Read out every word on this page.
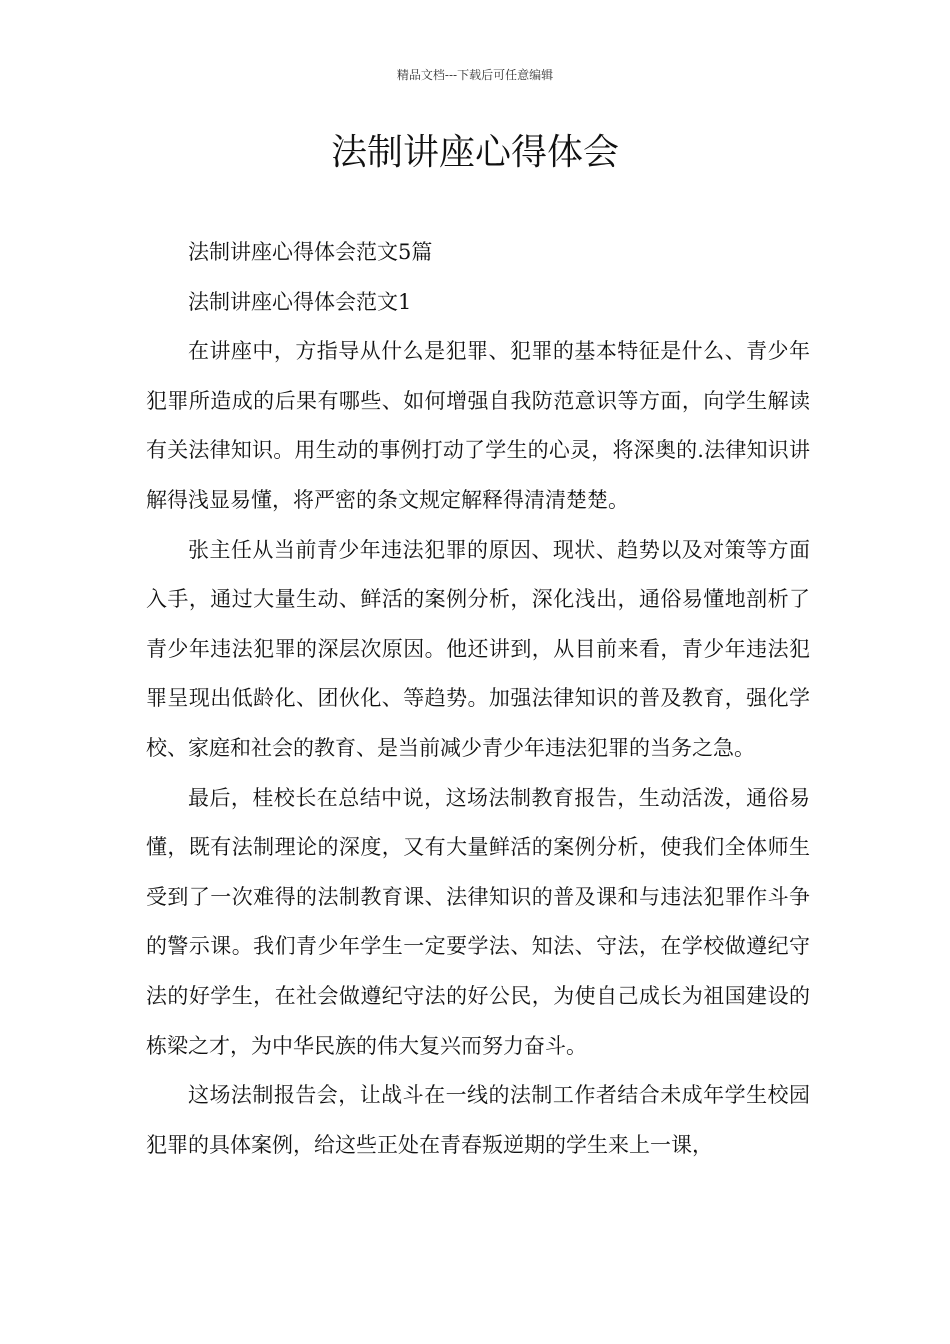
精品文档---下载后可任意编辑
法制讲座心得体会

法制讲座心得体会范文5篇

法制讲座心得体会范文1

在讲座中，方指导从什么是犯罪、犯罪的基本特征是什么、青少年犯罪所造成的后果有哪些、如何增强自我防范意识等方面，向学生解读有关法律知识。用生动的事例打动了学生的心灵，将深奥的.法律知识讲解得浅显易懂，将严密的条文规定解释得清清楚楚。

张主任从当前青少年违法犯罪的原因、现状、趋势以及对策等方面入手，通过大量生动、鲜活的案例分析，深化浅出，通俗易懂地剖析了青少年违法犯罪的深层次原因。他还讲到，从目前来看，青少年违法犯罪呈现出低龄化、团伙化、等趋势。加强法律知识的普及教育，强化学校、家庭和社会的教育、是当前减少青少年违法犯罪的当务之急。

最后，桂校长在总结中说，这场法制教育报告，生动活泼，通俗易懂，既有法制理论的深度，又有大量鲜活的案例分析，使我们全体师生受到了一次难得的法制教育课、法律知识的普及课和与违法犯罪作斗争的警示课。我们青少年学生一定要学法、知法、守法，在学校做遵纪守法的好学生，在社会做遵纪守法的好公民，为使自己成长为祖国建设的栋梁之才，为中华民族的伟大复兴而努力奋斗。

这场法制报告会，让战斗在一线的法制工作者结合未成年学生校园犯罪的具体案例，给这些正处在青春叛逆期的学生来上一课，
